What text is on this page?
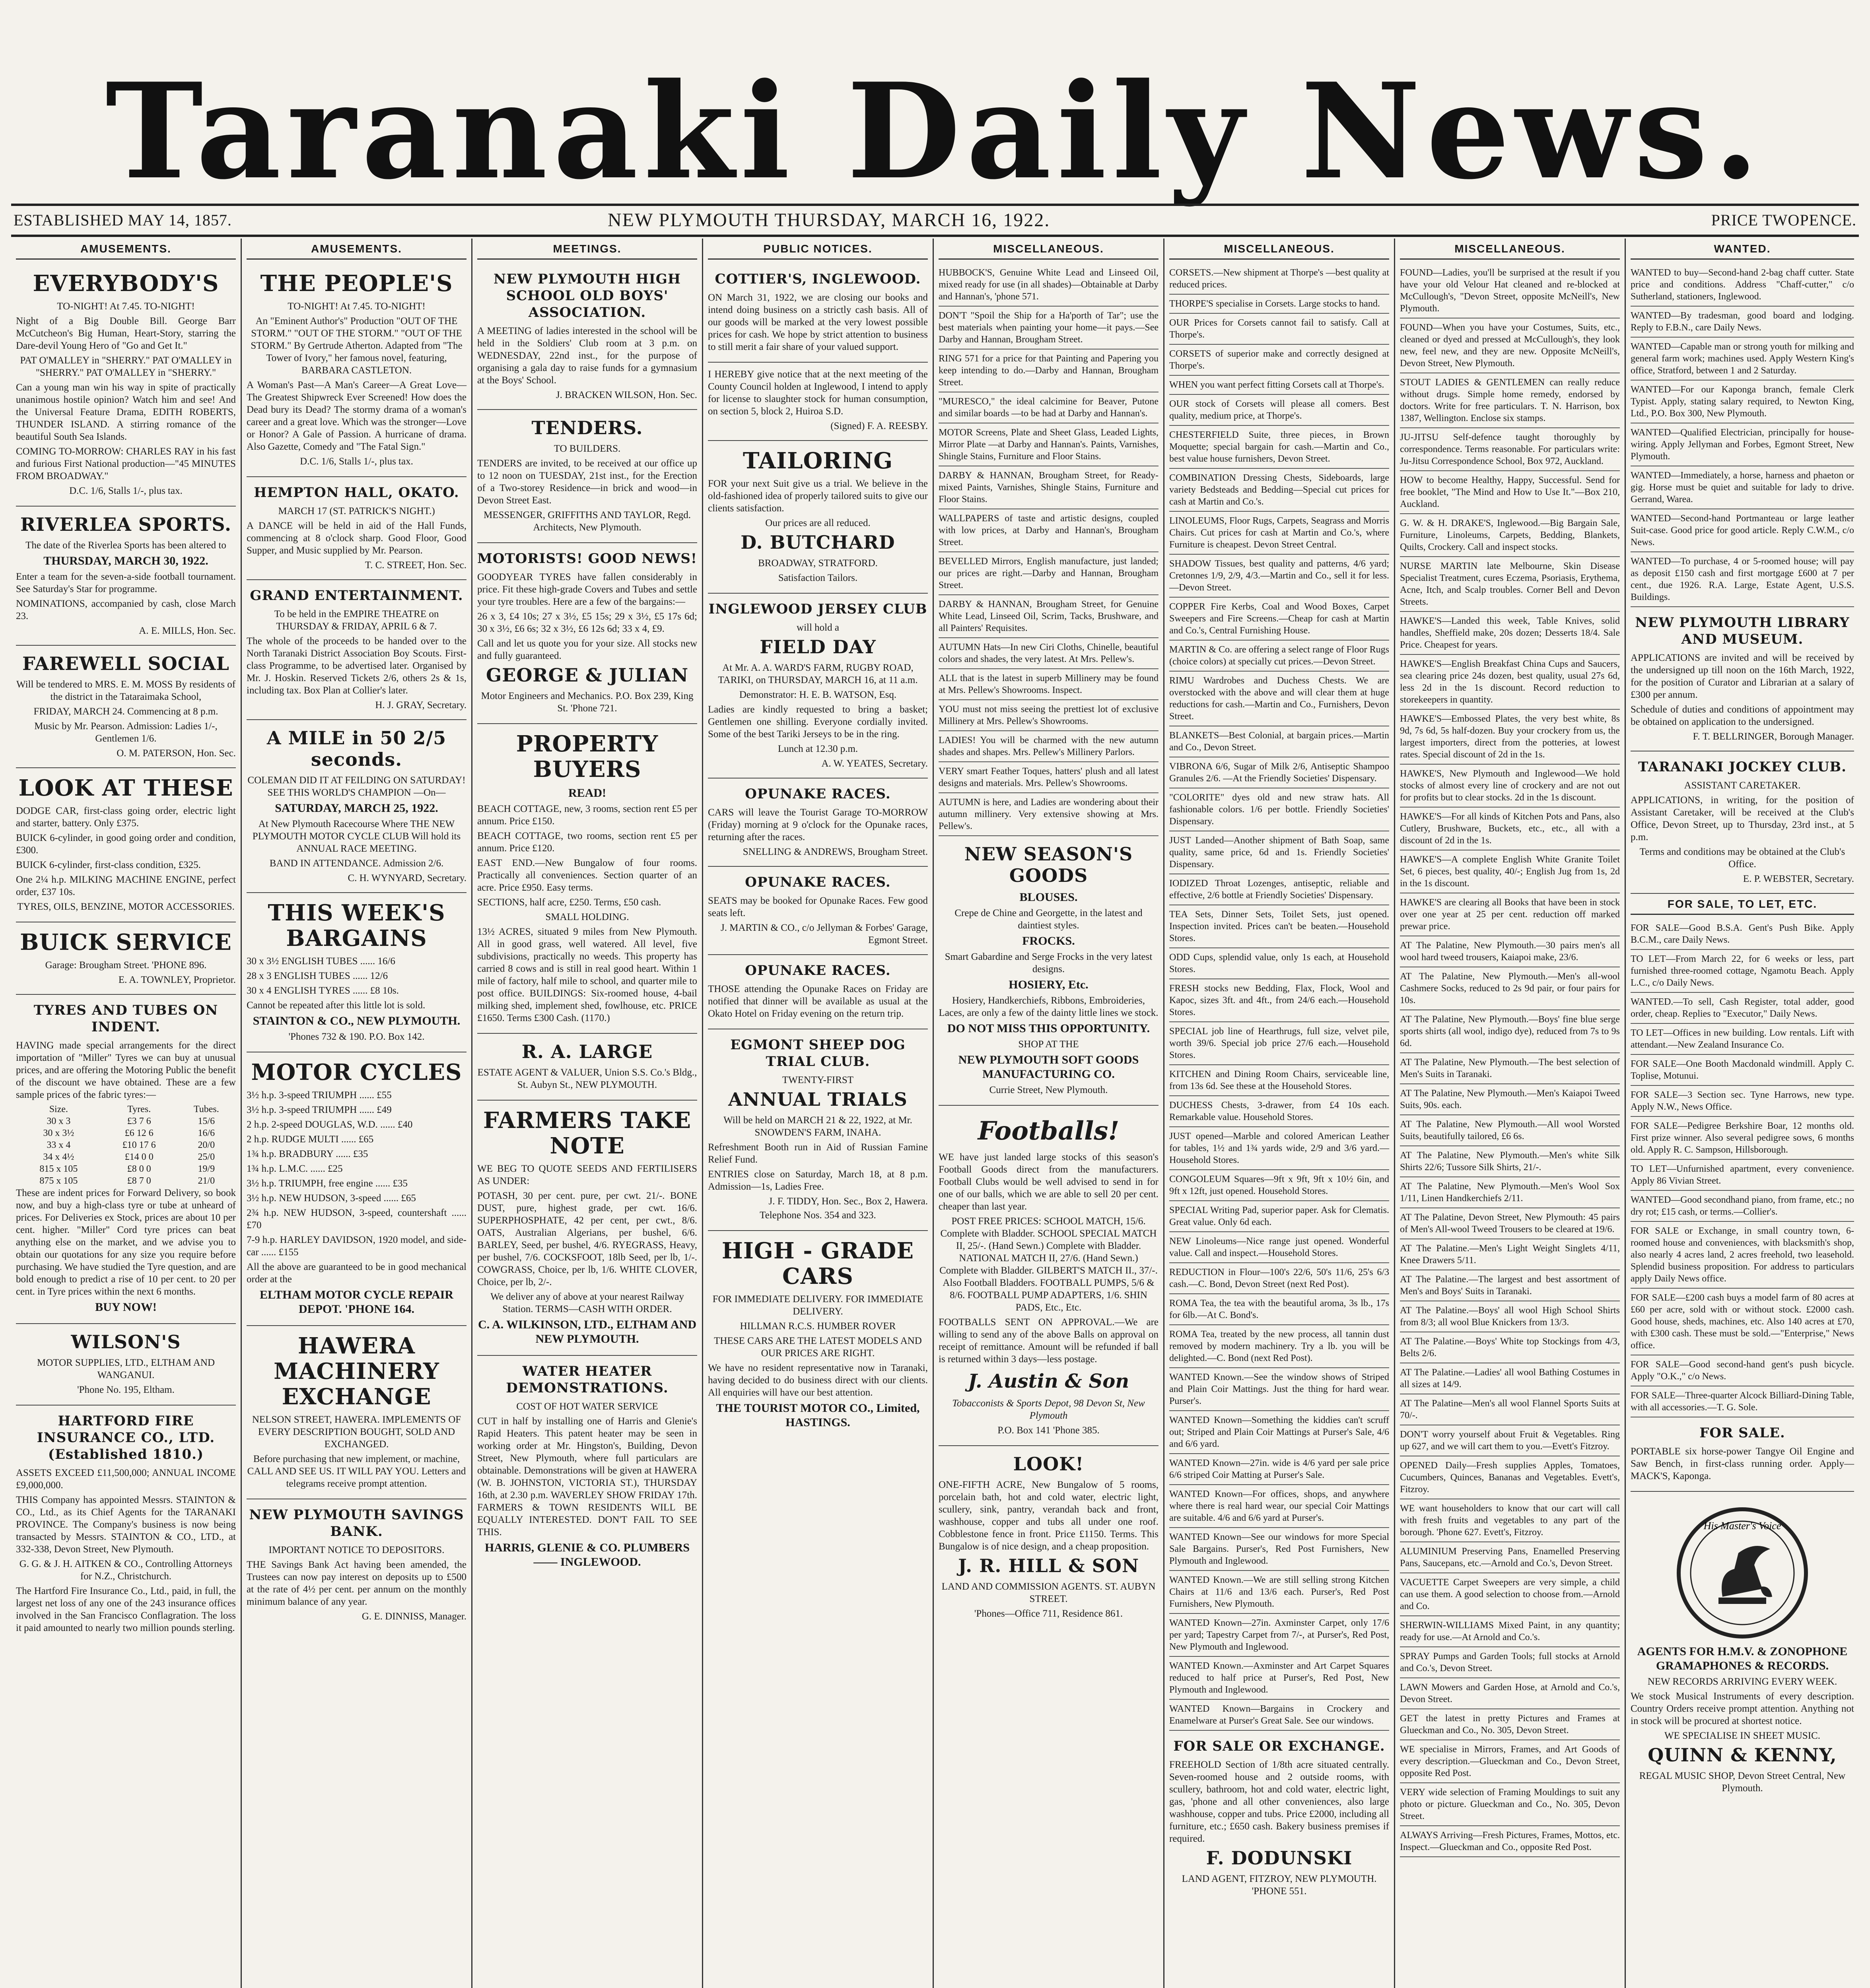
Taranaki Daily News.
ESTABLISHED MAY 14, 1857.	NEW PLYMOUTH THURSDAY, MARCH 16, 1922.	PRICE TWOPENCE.
AMUSEMENTS.
EVERYBODY'S
TO-NIGHT! At 7.45. TO-NIGHT!
Night of a Big Double Bill. George Barr McCutcheon's Big Human, Heart-Story, starring the Dare-devil Young Hero of "Go and Get It."
PAT O'MALLEY in "SHERRY." PAT O'MALLEY in "SHERRY." PAT O'MALLEY in "SHERRY."
Can a young man win his way in spite of practically unanimous hostile opinion? Watch him and see! And the Universal Feature Drama, EDITH ROBERTS, THUNDER ISLAND. A stirring romance of the beautiful South Sea Islands.
COMING TO-MORROW: CHARLES RAY in his fast and furious First National production—"45 MINUTES FROM BROADWAY."
D.C. 1/6, Stalls 1/-, plus tax.
RIVERLEA SPORTS.
The date of the Riverlea Sports has been altered to
THURSDAY, MARCH 30, 1922.
Enter a team for the seven-a-side football tournament. See Saturday's Star for programme.
NOMINATIONS, accompanied by cash, close March 23.
A. E. MILLS, Hon. Sec.
FAREWELL SOCIAL
Will be tendered to MRS. E. M. MOSS By residents of the district in the Tataraimaka School,
FRIDAY, MARCH 24. Commencing at 8 p.m.
Music by Mr. Pearson. Admission: Ladies 1/-, Gentlemen 1/6.
O. M. PATERSON, Hon. Sec.
LOOK AT THESE
DODGE CAR, first-class going order, electric light and starter, battery. Only £375.
BUICK 6-cylinder, in good going order and condition, £300.
BUICK 6-cylinder, first-class condition, £325.
One 2¼ h.p. MILKING MACHINE ENGINE, perfect order, £37 10s.
TYRES, OILS, BENZINE, MOTOR ACCESSORIES.
BUICK SERVICE
Garage: Brougham Street. 'PHONE 896.
E. A. TOWNLEY, Proprietor.
TYRES AND TUBES ON INDENT.
HAVING made special arrangements for the direct importation of "Miller" Tyres we can buy at unusual prices, and are offering the Motoring Public the benefit of the discount we have obtained. These are a few sample prices of the fabric tyres:—
Size.	Tyres.	Tubes.
30 x 3	£3 7 6	15/6
30 x 3½	£6 12 6	16/6
33 x 4	£10 17 6	20/0
34 x 4½	£14 0 0	25/0
815 x 105	£8 0 0	19/9
875 x 105	£8 7 0	21/0
These are indent prices for Forward Delivery, so book now, and buy a high-class tyre or tube at unheard of prices. For Deliveries ex Stock, prices are about 10 per cent. higher. "Miller" Cord tyre prices can beat anything else on the market, and we advise you to obtain our quotations for any size you require before purchasing. We have studied the Tyre question, and are bold enough to predict a rise of 10 per cent. to 20 per cent. in Tyre prices within the next 6 months.
BUY NOW!
WILSON'S
MOTOR SUPPLIES, LTD., ELTHAM AND WANGANUI.
'Phone No. 195, Eltham.
HARTFORD FIRE INSURANCE CO., LTD. (Established 1810.)
ASSETS EXCEED £11,500,000; ANNUAL INCOME £9,000,000.
THIS Company has appointed Messrs. STAINTON & CO., Ltd., as its Chief Agents for the TARANAKI PROVINCE. The Company's business is now being transacted by Messrs. STAINTON & CO., LTD., at 332-338, Devon Street, New Plymouth.
G. G. & J. H. AITKEN & CO., Controlling Attorneys for N.Z., Christchurch.
The Hartford Fire Insurance Co., Ltd., paid, in full, the largest net loss of any one of the 243 insurance offices involved in the San Francisco Conflagration. The loss it paid amounted to nearly two million pounds sterling.
AMUSEMENTS.
THE PEOPLE'S
TO-NIGHT! At 7.45. TO-NIGHT!
An "Eminent Author's" Production "OUT OF THE STORM." "OUT OF THE STORM." "OUT OF THE STORM." By Gertrude Atherton. Adapted from "The Tower of Ivory," her famous novel, featuring, BARBARA CASTLETON.
A Woman's Past—A Man's Career—A Great Love—The Greatest Shipwreck Ever Screened! How does the Dead bury its Dead? The stormy drama of a woman's career and a great love. Which was the stronger—Love or Honor? A Gale of Passion. A hurricane of drama. Also Gazette, Comedy and "The Fatal Sign."
D.C. 1/6, Stalls 1/-, plus tax.
HEMPTON HALL, OKATO.
MARCH 17 (ST. PATRICK'S NIGHT.)
A DANCE will be held in aid of the Hall Funds, commencing at 8 o'clock sharp. Good Floor, Good Supper, and Music supplied by Mr. Pearson.
T. C. STREET, Hon. Sec.
GRAND ENTERTAINMENT.
To be held in the EMPIRE THEATRE on THURSDAY & FRIDAY, APRIL 6 & 7.
The whole of the proceeds to be handed over to the North Taranaki District Association Boy Scouts. First-class Programme, to be advertised later. Organised by Mr. J. Hoskin. Reserved Tickets 2/6, others 2s & 1s, including tax. Box Plan at Collier's later.
H. J. GRAY, Secretary.
A MILE in 50 2/5 seconds.
COLEMAN DID IT AT FEILDING ON SATURDAY! SEE THIS WORLD'S CHAMPION —On—
SATURDAY, MARCH 25, 1922.
At New Plymouth Racecourse Where THE NEW PLYMOUTH MOTOR CYCLE CLUB Will hold its ANNUAL RACE MEETING.
BAND IN ATTENDANCE. Admission 2/6.
C. H. WYNYARD, Secretary.
THIS WEEK'S BARGAINS
30 x 3½ ENGLISH TUBES ...... 16/6
28 x 3 ENGLISH TUBES ...... 12/6
30 x 4 ENGLISH TYRES ...... £8 10s.
Cannot be repeated after this little lot is sold.
STAINTON & CO., NEW PLYMOUTH.
'Phones 732 & 190. P.O. Box 142.
MOTOR CYCLES
3½ h.p. 3-speed TRIUMPH ...... £55
3½ h.p. 3-speed TRIUMPH ...... £49
2 h.p. 2-speed DOUGLAS, W.D. ...... £40
2 h.p. RUDGE MULTI ...... £65
1¾ h.p. BRADBURY ...... £35
1¾ h.p. L.M.C. ...... £25
3½ h.p. TRIUMPH, free engine ...... £35
3½ h.p. NEW HUDSON, 3-speed ...... £65
2¾ h.p. NEW HUDSON, 3-speed, countershaft ...... £70
7-9 h.p. HARLEY DAVIDSON, 1920 model, and side-car ...... £155
All the above are guaranteed to be in good mechanical order at the
ELTHAM MOTOR CYCLE REPAIR DEPOT. 'PHONE 164.
HAWERA MACHINERY EXCHANGE
NELSON STREET, HAWERA. IMPLEMENTS OF EVERY DESCRIPTION BOUGHT, SOLD AND EXCHANGED.
Before purchasing that new implement, or machine, CALL AND SEE US. IT WILL PAY YOU. Letters and telegrams receive prompt attention.
NEW PLYMOUTH SAVINGS BANK.
IMPORTANT NOTICE TO DEPOSITORS.
THE Savings Bank Act having been amended, the Trustees can now pay interest on deposits up to £500 at the rate of 4½ per cent. per annum on the monthly minimum balance of any year.
G. E. DINNISS, Manager.
MEETINGS.
NEW PLYMOUTH HIGH SCHOOL OLD BOYS' ASSOCIATION.
A MEETING of ladies interested in the school will be held in the Soldiers' Club room at 3 p.m. on WEDNESDAY, 22nd inst., for the purpose of organising a gala day to raise funds for a gymnasium at the Boys' School.
J. BRACKEN WILSON, Hon. Sec.
TENDERS.
TO BUILDERS.
TENDERS are invited, to be received at our office up to 12 noon on TUESDAY, 21st inst., for the Erection of a Two-storey Residence—in brick and wood—in Devon Street East.
MESSENGER, GRIFFITHS AND TAYLOR, Regd. Architects, New Plymouth.
MOTORISTS! GOOD NEWS!
GOODYEAR TYRES have fallen considerably in price. Fit these high-grade Covers and Tubes and settle your tyre troubles. Here are a few of the bargains:—
26 x 3, £4 10s; 27 x 3½, £5 15s; 29 x 3½, £5 17s 6d; 30 x 3½, £6 6s; 32 x 3½, £6 12s 6d; 33 x 4, £9.
Call and let us quote you for your size. All stocks new and fully guaranteed.
GEORGE & JULIAN
Motor Engineers and Mechanics. P.O. Box 239, King St. 'Phone 721.
PROPERTY BUYERS
READ!
BEACH COTTAGE, new, 3 rooms, section rent £5 per annum. Price £150.
BEACH COTTAGE, two rooms, section rent £5 per annum. Price £120.
EAST END.—New Bungalow of four rooms. Practically all conveniences. Section quarter of an acre. Price £950. Easy terms.
SECTIONS, half acre, £250. Terms, £50 cash.
SMALL HOLDING.
13½ ACRES, situated 9 miles from New Plymouth. All in good grass, well watered. All level, five subdivisions, practically no weeds. This property has carried 8 cows and is still in real good heart. Within 1 mile of factory, half mile to school, and quarter mile to post office. BUILDINGS: Six-roomed house, 4-bail milking shed, implement shed, fowlhouse, etc. PRICE £1650. Terms £300 Cash. (1170.)
R. A. LARGE
ESTATE AGENT & VALUER, Union S.S. Co.'s Bldg., St. Aubyn St., NEW PLYMOUTH.
FARMERS TAKE NOTE
WE BEG TO QUOTE SEEDS AND FERTILISERS AS UNDER:
POTASH, 30 per cent. pure, per cwt. 21/-. BONE DUST, pure, highest grade, per cwt. 16/6. SUPERPHOSPHATE, 42 per cent, per cwt., 8/6. OATS, Australian Algerians, per bushel, 6/6. BARLEY, Seed, per bushel, 4/6. RYEGRASS, Heavy, per bushel, 7/6. COCKSFOOT, 18lb Seed, per lb, 1/-. COWGRASS, Choice, per lb, 1/6. WHITE CLOVER, Choice, per lb, 2/-.
We deliver any of above at your nearest Railway Station. TERMS—CASH WITH ORDER.
C. A. WILKINSON, LTD., ELTHAM AND NEW PLYMOUTH.
WATER HEATER DEMONSTRATIONS.
COST OF HOT WATER SERVICE
CUT in half by installing one of Harris and Glenie's Rapid Heaters. This patent heater may be seen in working order at Mr. Hingston's, Building, Devon Street, New Plymouth, where full particulars are obtainable. Demonstrations will be given at HAWERA (W. B. JOHNSTON, VICTORIA ST.), THURSDAY 16th, at 2.30 p.m. WAVERLEY SHOW FRIDAY 17th. FARMERS & TOWN RESIDENTS WILL BE EQUALLY INTERESTED. DON'T FAIL TO SEE THIS.
HARRIS, GLENIE & CO. PLUMBERS —— INGLEWOOD.
PUBLIC NOTICES.
COTTIER'S, INGLEWOOD.
ON March 31, 1922, we are closing our books and intend doing business on a strictly cash basis. All of our goods will be marked at the very lowest possible prices for cash. We hope by strict attention to business to still merit a fair share of your valued support.
I HEREBY give notice that at the next meeting of the County Council holden at Inglewood, I intend to apply for license to slaughter stock for human consumption, on section 5, block 2, Huiroa S.D.
(Signed) F. A. REESBY.
TAILORING
FOR your next Suit give us a trial. We believe in the old-fashioned idea of properly tailored suits to give our clients satisfaction.
Our prices are all reduced.
D. BUTCHARD
BROADWAY, STRATFORD.
Satisfaction Tailors.
INGLEWOOD JERSEY CLUB
will hold a
FIELD DAY
At Mr. A. A. WARD'S FARM, RUGBY ROAD, TARIKI, on THURSDAY, MARCH 16, at 11 a.m.
Demonstrator: H. E. B. WATSON, Esq.
Ladies are kindly requested to bring a basket; Gentlemen one shilling. Everyone cordially invited. Some of the best Tariki Jerseys to be in the ring.
Lunch at 12.30 p.m.
A. W. YEATES, Secretary.
OPUNAKE RACES.
CARS will leave the Tourist Garage TO-MORROW (Friday) morning at 9 o'clock for the Opunake races, returning after the races.
SNELLING & ANDREWS, Brougham Street.
OPUNAKE RACES.
SEATS may be booked for Opunake Races. Few good seats left.
J. MARTIN & CO., c/o Jellyman & Forbes' Garage, Egmont Street.
OPUNAKE RACES.
THOSE attending the Opunake Races on Friday are notified that dinner will be available as usual at the Okato Hotel on Friday evening on the return trip.
EGMONT SHEEP DOG TRIAL CLUB.
TWENTY-FIRST
ANNUAL TRIALS
Will be held on MARCH 21 & 22, 1922, at Mr. SNOWDEN'S FARM, INAHA.
Refreshment Booth run in Aid of Russian Famine Relief Fund.
ENTRIES close on Saturday, March 18, at 8 p.m. Admission—1s, Ladies Free.
J. F. TIDDY, Hon. Sec., Box 2, Hawera.
Telephone Nos. 354 and 323.
HIGH - GRADE CARS
FOR IMMEDIATE DELIVERY. FOR IMMEDIATE DELIVERY.
HILLMAN R.C.S. HUMBER ROVER
THESE CARS ARE THE LATEST MODELS AND OUR PRICES ARE RIGHT.
We have no resident representative now in Taranaki, having decided to do business direct with our clients. All enquiries will have our best attention.
THE TOURIST MOTOR CO., Limited, HASTINGS.
MISCELLANEOUS.
HUBBOCK'S, Genuine White Lead and Linseed Oil, mixed ready for use (in all shades)—Obtainable at Darby and Hannan's, 'phone 571.
DON'T "Spoil the Ship for a Ha'porth of Tar"; use the best materials when painting your home—it pays.—See Darby and Hannan, Brougham Street.
RING 571 for a price for that Painting and Papering you keep intending to do.—Darby and Hannan, Brougham Street.
"MURESCO," the ideal calcimine for Beaver, Putone and similar boards —to be had at Darby and Hannan's.
MOTOR Screens, Plate and Sheet Glass, Leaded Lights, Mirror Plate —at Darby and Hannan's. Paints, Varnishes, Shingle Stains, Furniture and Floor Stains.
DARBY & HANNAN, Brougham Street, for Ready-mixed Paints, Varnishes, Shingle Stains, Furniture and Floor Stains.
WALLPAPERS of taste and artistic designs, coupled with low prices, at Darby and Hannan's, Brougham Street.
BEVELLED Mirrors, English manufacture, just landed; our prices are right.—Darby and Hannan, Brougham Street.
DARBY & HANNAN, Brougham Street, for Genuine White Lead, Linseed Oil, Scrim, Tacks, Brushware, and all Painters' Requisites.
AUTUMN Hats—In new Ciri Cloths, Chinelle, beautiful colors and shades, the very latest. At Mrs. Pellew's.
ALL that is the latest in superb Millinery may be found at Mrs. Pellew's Showrooms. Inspect.
YOU must not miss seeing the prettiest lot of exclusive Millinery at Mrs. Pellew's Showrooms.
LADIES! You will be charmed with the new autumn shades and shapes. Mrs. Pellew's Millinery Parlors.
VERY smart Feather Toques, hatters' plush and all latest designs and materials. Mrs. Pellew's Showrooms.
AUTUMN is here, and Ladies are wondering about their autumn millinery. Very extensive showing at Mrs. Pellew's.
NEW SEASON'S GOODS
BLOUSES.
Crepe de Chine and Georgette, in the latest and daintiest styles.
FROCKS.
Smart Gabardine and Serge Frocks in the very latest designs.
HOSIERY, Etc.
Hosiery, Handkerchiefs, Ribbons, Embroideries, Laces, are only a few of the dainty little lines we stock.
DO NOT MISS THIS OPPORTUNITY.
SHOP AT THE
NEW PLYMOUTH SOFT GOODS MANUFACTURING CO.
Currie Street, New Plymouth.
Footballs!
WE have just landed large stocks of this season's Football Goods direct from the manufacturers. Football Clubs would be well advised to send in for one of our balls, which we are able to sell 20 per cent. cheaper than last year.
POST FREE PRICES: SCHOOL MATCH, 15/6. Complete with Bladder. SCHOOL SPECIAL MATCH II, 25/-. (Hand Sewn.) Complete with Bladder. NATIONAL MATCH II, 27/6. (Hand Sewn.) Complete with Bladder. GILBERT'S MATCH II., 37/-. Also Football Bladders. FOOTBALL PUMPS, 5/6 & 8/6. FOOTBALL PUMP ADAPTERS, 1/6. SHIN PADS, Etc., Etc.
FOOTBALLS SENT ON APPROVAL.—We are willing to send any of the above Balls on approval on receipt of remittance. Amount will be refunded if ball is returned within 3 days—less postage.
J. Austin & Son
Tobacconists & Sports Depot, 98 Devon St, New Plymouth
P.O. Box 141 'Phone 385.
LOOK!
ONE-FIFTH ACRE, New Bungalow of 5 rooms, porcelain bath, hot and cold water, electric light, scullery, sink, pantry, verandah back and front, washhouse, copper and tubs all under one roof. Cobblestone fence in front. Price £1150. Terms. This Bungalow is of nice design, and a cheap proposition.
J. R. HILL & SON
LAND AND COMMISSION AGENTS. ST. AUBYN STREET.
'Phones—Office 711, Residence 861.
MISCELLANEOUS.
CORSETS.—New shipment at Thorpe's —best quality at reduced prices.
THORPE'S specialise in Corsets. Large stocks to hand.
OUR Prices for Corsets cannot fail to satisfy. Call at Thorpe's.
CORSETS of superior make and correctly designed at Thorpe's.
WHEN you want perfect fitting Corsets call at Thorpe's.
OUR stock of Corsets will please all comers. Best quality, medium price, at Thorpe's.
CHESTERFIELD Suite, three pieces, in Brown Moquette; special bargain for cash.—Martin and Co., best value house furnishers, Devon Street.
COMBINATION Dressing Chests, Sideboards, large variety Bedsteads and Bedding—Special cut prices for cash at Martin and Co.'s.
LINOLEUMS, Floor Rugs, Carpets, Seagrass and Morris Chairs. Cut prices for cash at Martin and Co.'s, where Furniture is cheapest. Devon Street Central.
SHADOW Tissues, best quality and patterns, 4/6 yard; Cretonnes 1/9, 2/9, 4/3.—Martin and Co., sell it for less.—Devon Street.
COPPER Fire Kerbs, Coal and Wood Boxes, Carpet Sweepers and Fire Screens.—Cheap for cash at Martin and Co.'s, Central Furnishing House.
MARTIN & Co. are offering a select range of Floor Rugs (choice colors) at specially cut prices.—Devon Street.
RIMU Wardrobes and Duchess Chests. We are overstocked with the above and will clear them at huge reductions for cash.—Martin and Co., Furnishers, Devon Street.
BLANKETS—Best Colonial, at bargain prices.—Martin and Co., Devon Street.
VIBRONA 6/6, Sugar of Milk 2/6, Antiseptic Shampoo Granules 2/6. —At the Friendly Societies' Dispensary.
"COLORITE" dyes old and new straw hats. All fashionable colors. 1/6 per bottle. Friendly Societies' Dispensary.
JUST Landed—Another shipment of Bath Soap, same quality, same price, 6d and 1s. Friendly Societies' Dispensary.
IODIZED Throat Lozenges, antiseptic, reliable and effective, 2/6 bottle at Friendly Societies' Dispensary.
TEA Sets, Dinner Sets, Toilet Sets, just opened. Inspection invited. Prices can't be beaten.—Household Stores.
ODD Cups, splendid value, only 1s each, at Household Stores.
FRESH stocks new Bedding, Flax, Flock, Wool and Kapoc, sizes 3ft. and 4ft., from 24/6 each.—Household Stores.
SPECIAL job line of Hearthrugs, full size, velvet pile, worth 39/6. Special job price 27/6 each.—Household Stores.
KITCHEN and Dining Room Chairs, serviceable line, from 13s 6d. See these at the Household Stores.
DUCHESS Chests, 3-drawer, from £4 10s each. Remarkable value. Household Stores.
JUST opened—Marble and colored American Leather for tables, 1½ and 1¾ yards wide, 2/9 and 3/6 yard.—Household Stores.
CONGOLEUM Squares—9ft x 9ft, 9ft x 10½ 6in, and 9ft x 12ft, just opened. Household Stores.
SPECIAL Writing Pad, superior paper. Ask for Clematis. Great value. Only 6d each.
NEW Linoleums—Nice range just opened. Wonderful value. Call and inspect.—Household Stores.
REDUCTION in Flour—100's 22/6, 50's 11/6, 25's 6/3 cash.—C. Bond, Devon Street (next Red Post).
ROMA Tea, the tea with the beautiful aroma, 3s lb., 17s for 6lb.—At C. Bond's.
ROMA Tea, treated by the new process, all tannin dust removed by modern machinery. Try a lb. you will be delighted.—C. Bond (next Red Post).
WANTED Known.—See the window shows of Striped and Plain Coir Mattings. Just the thing for hard wear. Purser's.
WANTED Known—Something the kiddies can't scruff out; Striped and Plain Coir Mattings at Purser's Sale, 4/6 and 6/6 yard.
WANTED Known—27in. wide is 4/6 yard per sale price 6/6 striped Coir Matting at Purser's Sale.
WANTED Known—For offices, shops, and anywhere where there is real hard wear, our special Coir Mattings are suitable. 4/6 and 6/6 yard at Purser's.
WANTED Known—See our windows for more Special Sale Bargains. Purser's, Red Post Furnishers, New Plymouth and Inglewood.
WANTED Known.—We are still selling strong Kitchen Chairs at 11/6 and 13/6 each. Purser's, Red Post Furnishers, New Plymouth.
WANTED Known—27in. Axminster Carpet, only 17/6 per yard; Tapestry Carpet from 7/-, at Purser's, Red Post, New Plymouth and Inglewood.
WANTED Known.—Axminster and Art Carpet Squares reduced to half price at Purser's, Red Post, New Plymouth and Inglewood.
WANTED Known—Bargains in Crockery and Enamelware at Purser's Great Sale. See our windows.
FOR SALE OR EXCHANGE.
FREEHOLD Section of 1/8th acre situated centrally. Seven-roomed house and 2 outside rooms, with scullery, bathroom, hot and cold water, electric light, gas, 'phone and all other conveniences, also large washhouse, copper and tubs. Price £2000, including all furniture, etc.; £650 cash. Bakery business premises if required.
F. DODUNSKI
LAND AGENT, FITZROY, NEW PLYMOUTH. 'PHONE 551.
MISCELLANEOUS.
FOUND—Ladies, you'll be surprised at the result if you have your old Velour Hat cleaned and re-blocked at McCullough's, "Devon Street, opposite McNeill's, New Plymouth.
FOUND—When you have your Costumes, Suits, etc., cleaned or dyed and pressed at McCullough's, they look new, feel new, and they are new. Opposite McNeill's, Devon Street, New Plymouth.
STOUT LADIES & GENTLEMEN can really reduce without drugs. Simple home remedy, endorsed by doctors. Write for free particulars. T. N. Harrison, box 1387, Wellington. Enclose six stamps.
JU-JITSU Self-defence taught thoroughly by correspondence. Terms reasonable. For particulars write: Ju-Jitsu Correspondence School, Box 972, Auckland.
HOW to become Healthy, Happy, Successful. Send for free booklet, "The Mind and How to Use It."—Box 210, Auckland.
G. W. & H. DRAKE'S, Inglewood.—Big Bargain Sale, Furniture, Linoleums, Carpets, Bedding, Blankets, Quilts, Crockery. Call and inspect stocks.
NURSE MARTIN late Melbourne, Skin Disease Specialist Treatment, cures Eczema, Psoriasis, Erythema, Acne, Itch, and Scalp troubles. Corner Bell and Devon Streets.
HAWKE'S—Landed this week, Table Knives, solid handles, Sheffield make, 20s dozen; Desserts 18/4. Sale Price. Cheapest for years.
HAWKE'S—English Breakfast China Cups and Saucers, sea clearing price 24s dozen, best quality, usual 27s 6d, less 2d in the 1s discount. Record reduction to storekeepers in quantity.
HAWKE'S—Embossed Plates, the very best white, 8s 9d, 7s 6d, 5s half-dozen. Buy your crockery from us, the largest importers, direct from the potteries, at lowest rates. Special discount of 2d in the 1s.
HAWKE'S, New Plymouth and Inglewood—We hold stocks of almost every line of crockery and are not out for profits but to clear stocks. 2d in the 1s discount.
HAWKE'S—For all kinds of Kitchen Pots and Pans, also Cutlery, Brushware, Buckets, etc., etc., all with a discount of 2d in the 1s.
HAWKE'S—A complete English White Granite Toilet Set, 6 pieces, best quality, 40/-; English Jug from 1s, 2d in the 1s discount.
HAWKE'S are clearing all Books that have been in stock over one year at 25 per cent. reduction off marked prewar price.
AT The Palatine, New Plymouth.—30 pairs men's all wool hard tweed trousers, Kaiapoi make, 23/6.
AT The Palatine, New Plymouth.—Men's all-wool Cashmere Socks, reduced to 2s 9d pair, or four pairs for 10s.
AT The Palatine, New Plymouth.—Boys' fine blue serge sports shirts (all wool, indigo dye), reduced from 7s to 9s 6d.
AT The Palatine, New Plymouth.—The best selection of Men's Suits in Taranaki.
AT The Palatine, New Plymouth.—Men's Kaiapoi Tweed Suits, 90s. each.
AT The Palatine, New Plymouth.—All wool Worsted Suits, beautifully tailored, £6 6s.
AT The Palatine, New Plymouth.—Men's white Silk Shirts 22/6; Tussore Silk Shirts, 21/-.
AT The Palatine, New Plymouth.—Men's Wool Sox 1/11, Linen Handkerchiefs 2/11.
AT The Palatine, Devon Street, New Plymouth: 45 pairs of Men's All-wool Tweed Trousers to be cleared at 19/6.
AT The Palatine.—Men's Light Weight Singlets 4/11, Knee Drawers 5/11.
AT The Palatine.—The largest and best assortment of Men's and Boys' Suits in Taranaki.
AT The Palatine.—Boys' all wool High School Shirts from 8/3; all wool Blue Knickers from 13/3.
AT The Palatine.—Boys' White top Stockings from 4/3, Belts 2/6.
AT The Palatine.—Ladies' all wool Bathing Costumes in all sizes at 14/9.
AT The Palatine—Men's all wool Flannel Sports Suits at 70/-.
DON'T worry yourself about Fruit & Vegetables. Ring up 627, and we will cart them to you.—Evett's Fitzroy.
OPENED Daily—Fresh supplies Apples, Tomatoes, Cucumbers, Quinces, Bananas and Vegetables. Evett's, Fitzroy.
WE want householders to know that our cart will call with fresh fruits and vegetables to any part of the borough. 'Phone 627. Evett's, Fitzroy.
ALUMINIUM Preserving Pans, Enamelled Preserving Pans, Saucepans, etc.—Arnold and Co.'s, Devon Street.
VACUETTE Carpet Sweepers are very simple, a child can use them. A good selection to choose from.—Arnold and Co.
SHERWIN-WILLIAMS Mixed Paint, in any quantity; ready for use.—At Arnold and Co.'s.
SPRAY Pumps and Garden Tools; full stocks at Arnold and Co.'s, Devon Street.
LAWN Mowers and Garden Hose, at Arnold and Co.'s, Devon Street.
GET the latest in pretty Pictures and Frames at Glueckman and Co., No. 305, Devon Street.
WE specialise in Mirrors, Frames, and Art Goods of every description.—Glueckman and Co., Devon Street, opposite Red Post.
VERY wide selection of Framing Mouldings to suit any photo or picture. Glueckman and Co., No. 305, Devon Street.
ALWAYS Arriving—Fresh Pictures, Frames, Mottos, etc. Inspect.—Glueckman and Co., opposite Red Post.
WANTED.
WANTED to buy—Second-hand 2-bag chaff cutter. State price and conditions. Address "Chaff-cutter," c/o Sutherland, stationers, Inglewood.
WANTED—By tradesman, good board and lodging. Reply to F.B.N., care Daily News.
WANTED—Capable man or strong youth for milking and general farm work; machines used. Apply Western King's office, Stratford, between 1 and 2 Saturday.
WANTED—For our Kaponga branch, female Clerk Typist. Apply, stating salary required, to Newton King, Ltd., P.O. Box 300, New Plymouth.
WANTED—Qualified Electrician, principally for house-wiring. Apply Jellyman and Forbes, Egmont Street, New Plymouth.
WANTED—Immediately, a horse, harness and phaeton or gig. Horse must be quiet and suitable for lady to drive. Gerrand, Warea.
WANTED—Second-hand Portmanteau or large leather Suit-case. Good price for good article. Reply C.W.M., c/o News.
WANTED—To purchase, 4 or 5-roomed house; will pay as deposit £150 cash and first mortgage £600 at 7 per cent., due 1926. R.A. Large, Estate Agent, U.S.S. Buildings.
NEW PLYMOUTH LIBRARY AND MUSEUM.
APPLICATIONS are invited and will be received by the undersigned up till noon on the 16th March, 1922, for the position of Curator and Librarian at a salary of £300 per annum.
Schedule of duties and conditions of appointment may be obtained on application to the undersigned.
F. T. BELLRINGER, Borough Manager.
TARANAKI JOCKEY CLUB.
ASSISTANT CARETAKER.
APPLICATIONS, in writing, for the position of Assistant Caretaker, will be received at the Club's Office, Devon Street, up to Thursday, 23rd inst., at 5 p.m.
Terms and conditions may be obtained at the Club's Office.
E. P. WEBSTER, Secretary.
FOR SALE, TO LET, ETC.
FOR SALE—Good B.S.A. Gent's Push Bike. Apply B.C.M., care Daily News.
TO LET—From March 22, for 6 weeks or less, part furnished three-roomed cottage, Ngamotu Beach. Apply L.C., c/o Daily News.
WANTED.—To sell, Cash Register, total adder, good order, cheap. Replies to "Executor," Daily News.
TO LET—Offices in new building. Low rentals. Lift with attendant.—New Zealand Insurance Co.
FOR SALE—One Booth Macdonald windmill. Apply C. Toplise, Motunui.
FOR SALE—3 Section sec. Tyne Harrows, new type. Apply N.W., News Office.
FOR SALE—Pedigree Berkshire Boar, 12 months old. First prize winner. Also several pedigree sows, 6 months old. Apply R. C. Sampson, Hillsborough.
TO LET—Unfurnished apartment, every convenience. Apply 86 Vivian Street.
WANTED—Good secondhand piano, from frame, etc.; no dry rot; £15 cash, or terms.—Collier's.
FOR SALE or Exchange, in small country town, 6-roomed house and conveniences, with blacksmith's shop, also nearly 4 acres land, 2 acres freehold, two leasehold. Splendid business proposition. For address to particulars apply Daily News office.
FOR SALE—£200 cash buys a model farm of 80 acres at £60 per acre, sold with or without stock. £2000 cash. Good house, sheds, machines, etc. Also 140 acres at £70, with £300 cash. These must be sold.—"Enterprise," News office.
FOR SALE—Good second-hand gent's push bicycle. Apply "O.K.," c/o News.
FOR SALE—Three-quarter Alcock Billiard-Dining Table, with all accessories.—T. G. Sole.
FOR SALE.
PORTABLE six horse-power Tangye Oil Engine and Saw Bench, in first-class running order. Apply—MACK'S, Kaponga.
His Master's Voice
AGENTS FOR H.M.V. & ZONOPHONE GRAMAPHONES & RECORDS.
NEW RECORDS ARRIVING EVERY WEEK.
We stock Musical Instruments of every description. Country Orders receive prompt attention. Anything not in stock will be procured at shortest notice.
WE SPECIALISE IN SHEET MUSIC.
QUINN & KENNY,
REGAL MUSIC SHOP, Devon Street Central, New Plymouth.
